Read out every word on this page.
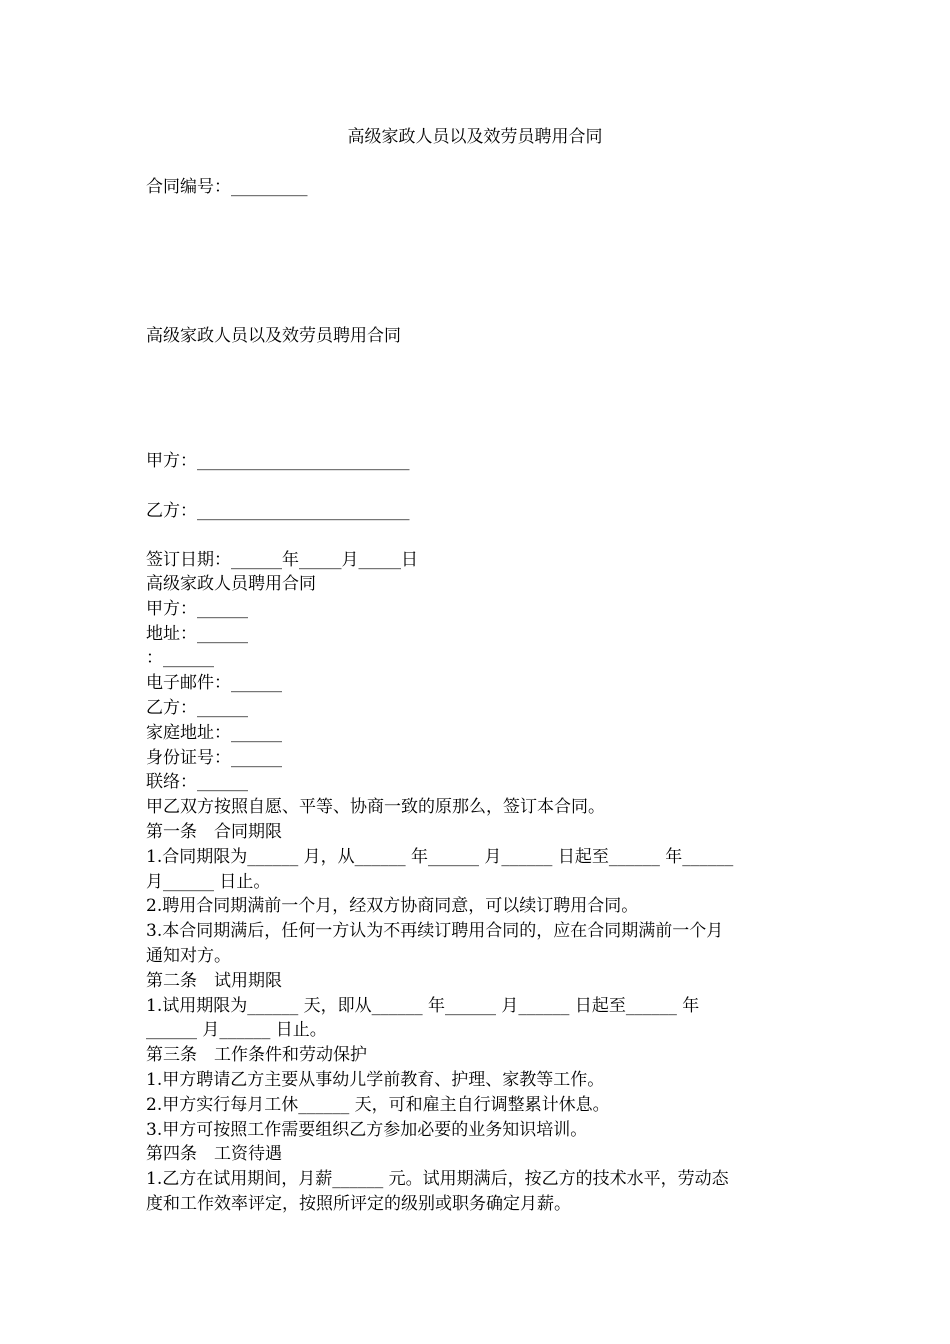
高级家政人员以及效劳员聘用合同
合同编号：_________
高级家政人员以及效劳员聘用合同
甲方：_________________________
乙方：_________________________
签订日期：______年_____月_____日
高级家政人员聘用合同
甲方：______
地址：______
：______
电子邮件：______
乙方：______
家庭地址：______
身份证号：______
联络：______
甲乙双方按照自愿、平等、协商一致的原那么，签订本合同。
第一条　合同期限
1.合同期限为______ 月，从______ 年______ 月______ 日起至______ 年______
月______ 日止。
2.聘用合同期满前一个月，经双方协商同意，可以续订聘用合同。
3.本合同期满后，任何一方认为不再续订聘用合同的，应在合同期满前一个月
通知对方。
第二条　试用期限
1.试用期限为______ 天，即从______ 年______ 月______ 日起至______ 年
______ 月______ 日止。
第三条　工作条件和劳动保护
1.甲方聘请乙方主要从事幼儿学前教育、护理、家教等工作。
2.甲方实行每月工休______ 天，可和雇主自行调整累计休息。
3.甲方可按照工作需要组织乙方参加必要的业务知识培训。
第四条　工资待遇
1.乙方在试用期间，月薪______ 元。试用期满后，按乙方的技术水平，劳动态
度和工作效率评定，按照所评定的级别或职务确定月薪。
